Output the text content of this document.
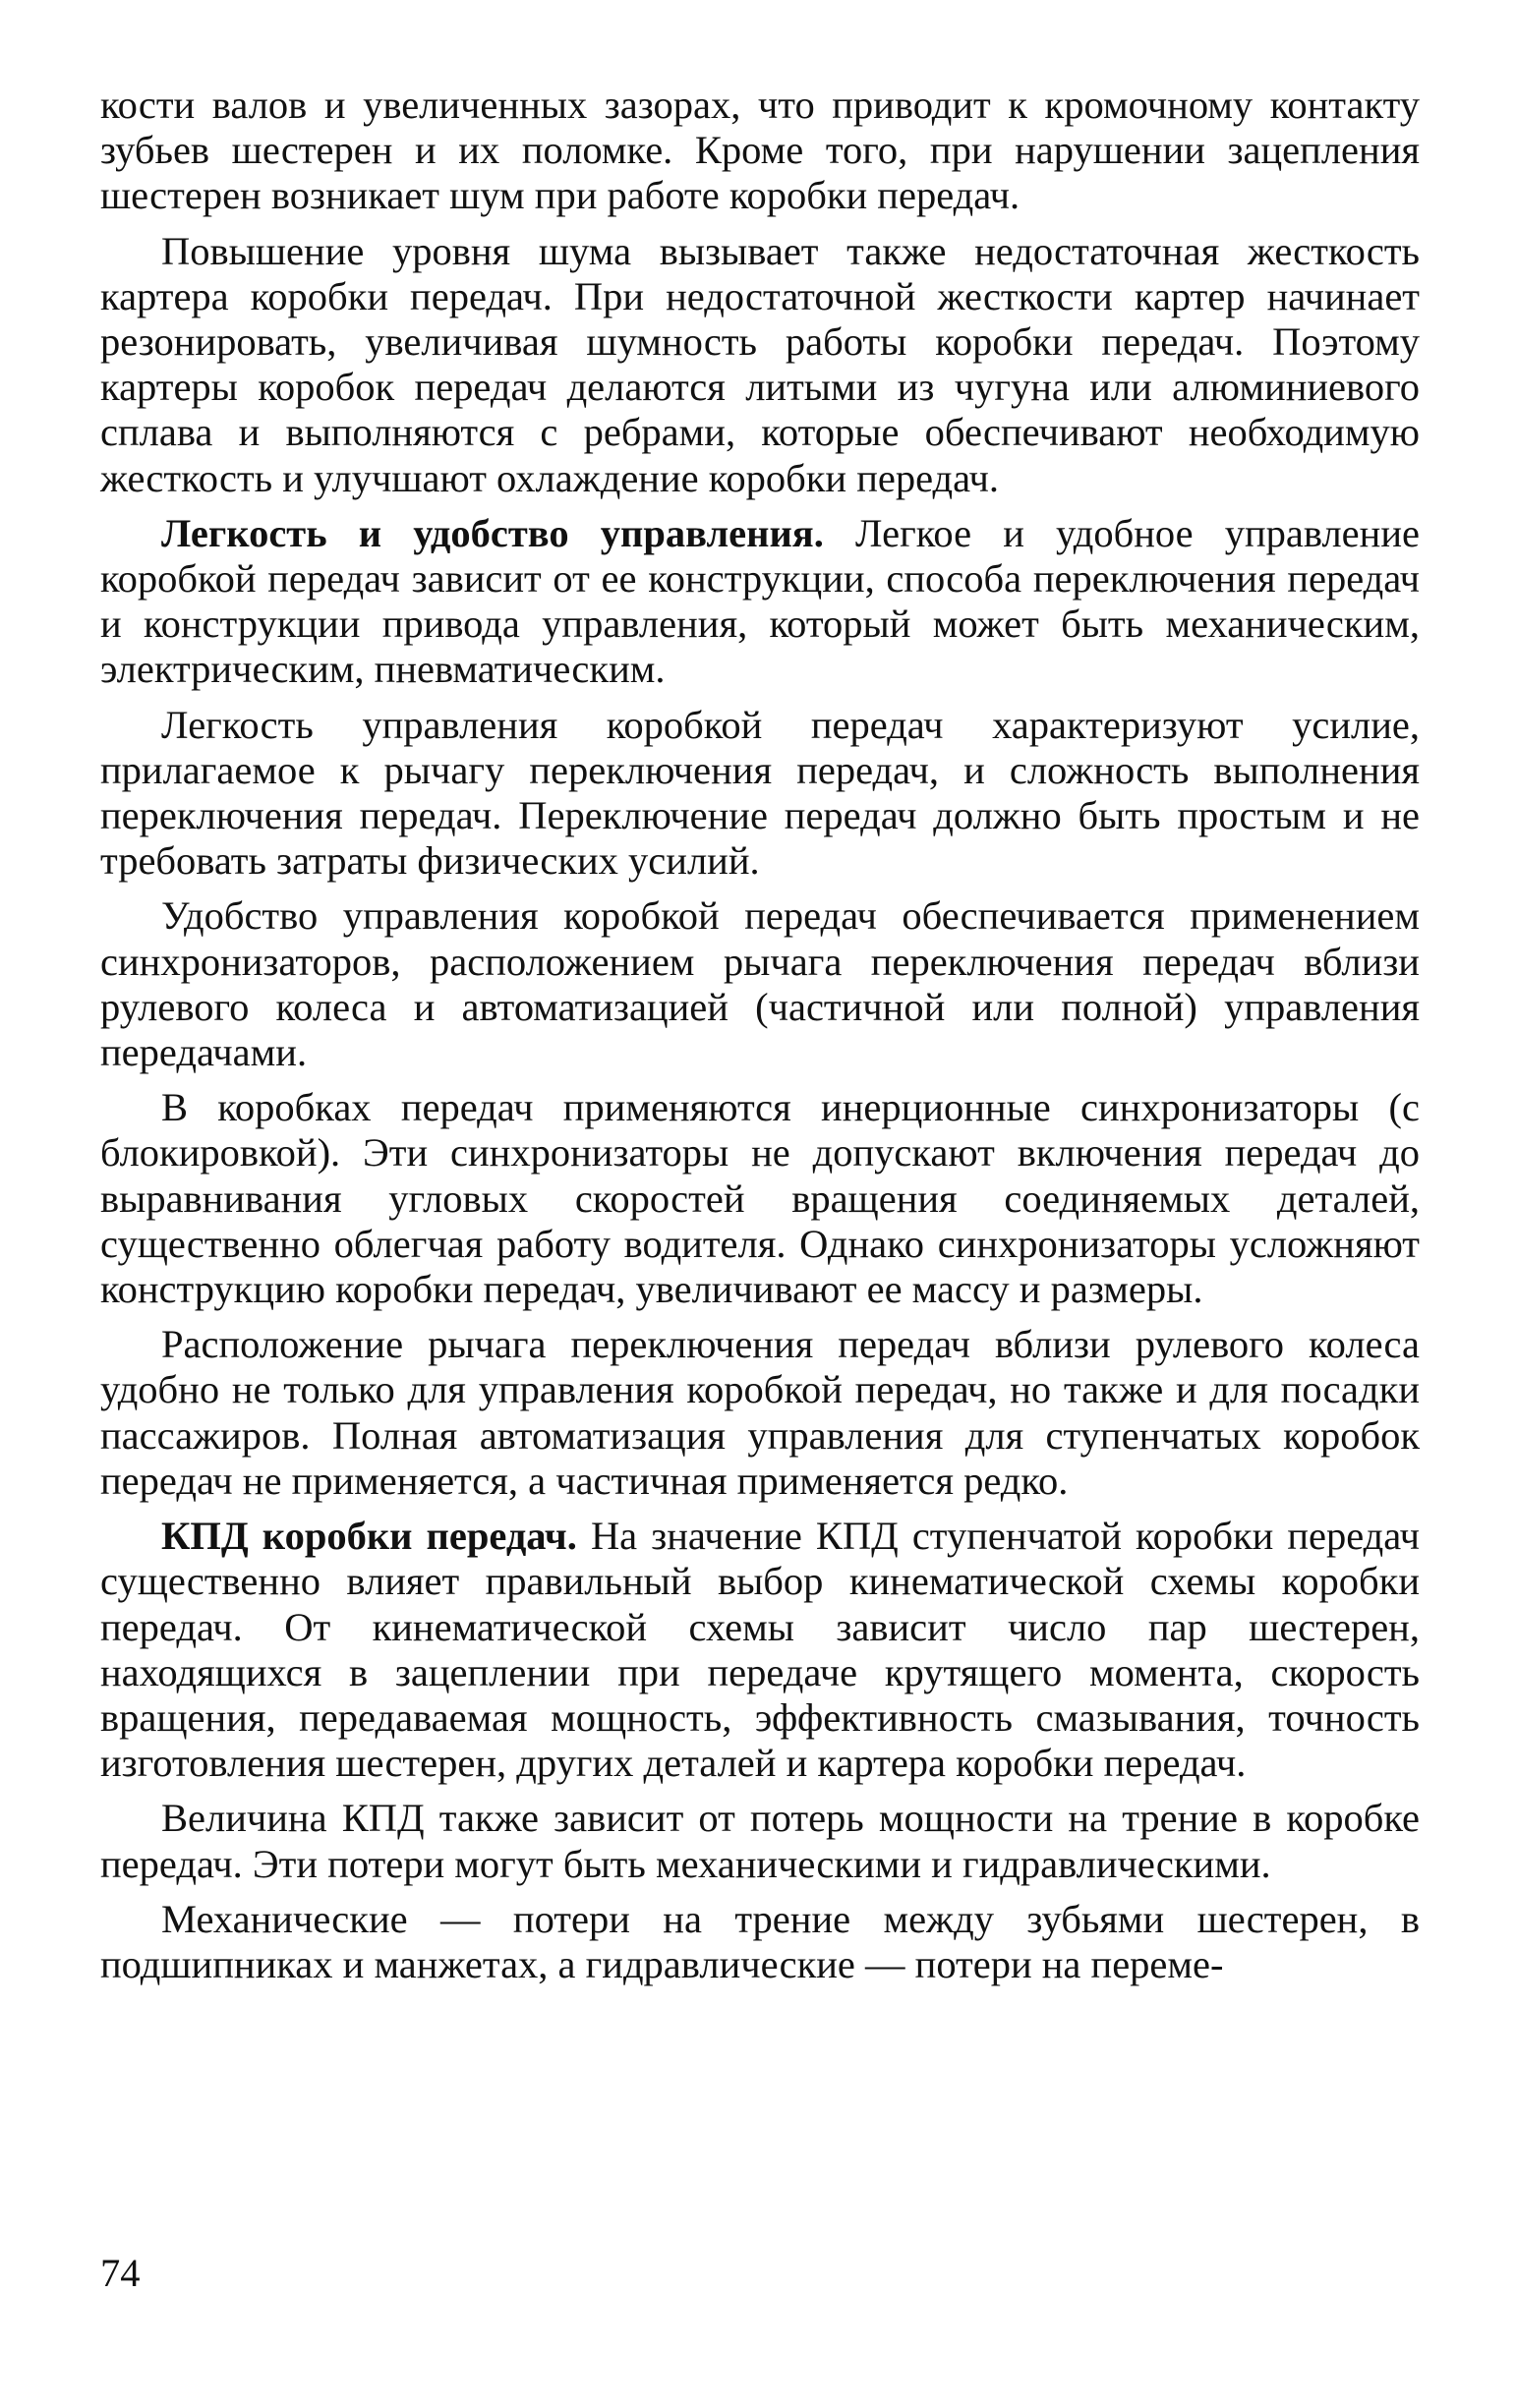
кости валов и увеличенных зазорах, что приводит к кромочному контакту зубьев шестерен и их поломке. Кроме того, при нарушении зацепления шестерен возникает шум при работе коробки передач.

Повышение уровня шума вызывает также недостаточная жесткость картера коробки передач. При недостаточной жесткости картер начинает резонировать, увеличивая шумность работы коробки передач. Поэтому картеры коробок передач делаются литыми из чугуна или алюминиевого сплава и выполняются с ребрами, которые обеспечивают необходимую жесткость и улучшают охлаждение коробки передач.

Легкость и удобство управления. Легкое и удобное управление коробкой передач зависит от ее конструкции, способа переключения передач и конструкции привода управления, который может быть механическим, электрическим, пневматическим.

Легкость управления коробкой передач характеризуют усилие, прилагаемое к рычагу переключения передач, и сложность выполнения переключения передач. Переключение передач должно быть простым и не требовать затраты физических усилий.

Удобство управления коробкой передач обеспечивается применением синхронизаторов, расположением рычага переключения передач вблизи рулевого колеса и автоматизацией (частичной или полной) управления передачами.

В коробках передач применяются инерционные синхронизаторы (с блокировкой). Эти синхронизаторы не допускают включения передач до выравнивания угловых скоростей вращения соединяемых деталей, существенно облегчая работу водителя. Однако синхронизаторы усложняют конструкцию коробки передач, увеличивают ее массу и размеры.

Расположение рычага переключения передач вблизи рулевого колеса удобно не только для управления коробкой передач, но также и для посадки пассажиров. Полная автоматизация управления для ступенчатых коробок передач не применяется, а частичная применяется редко.

КПД коробки передач. На значение КПД ступенчатой коробки передач существенно влияет правильный выбор кинематической схемы коробки передач. От кинематической схемы зависит число пар шестерен, находящихся в зацеплении при передаче крутящего момента, скорость вращения, передаваемая мощность, эффективность смазывания, точность изготовления шестерен, других деталей и картера коробки передач.

Величина КПД также зависит от потерь мощности на трение в коробке передач. Эти потери могут быть механическими и гидравлическими.

Механические — потери на трение между зубьями шестерен, в подшипниках и манжетах, а гидравлические — потери на переме-

74
